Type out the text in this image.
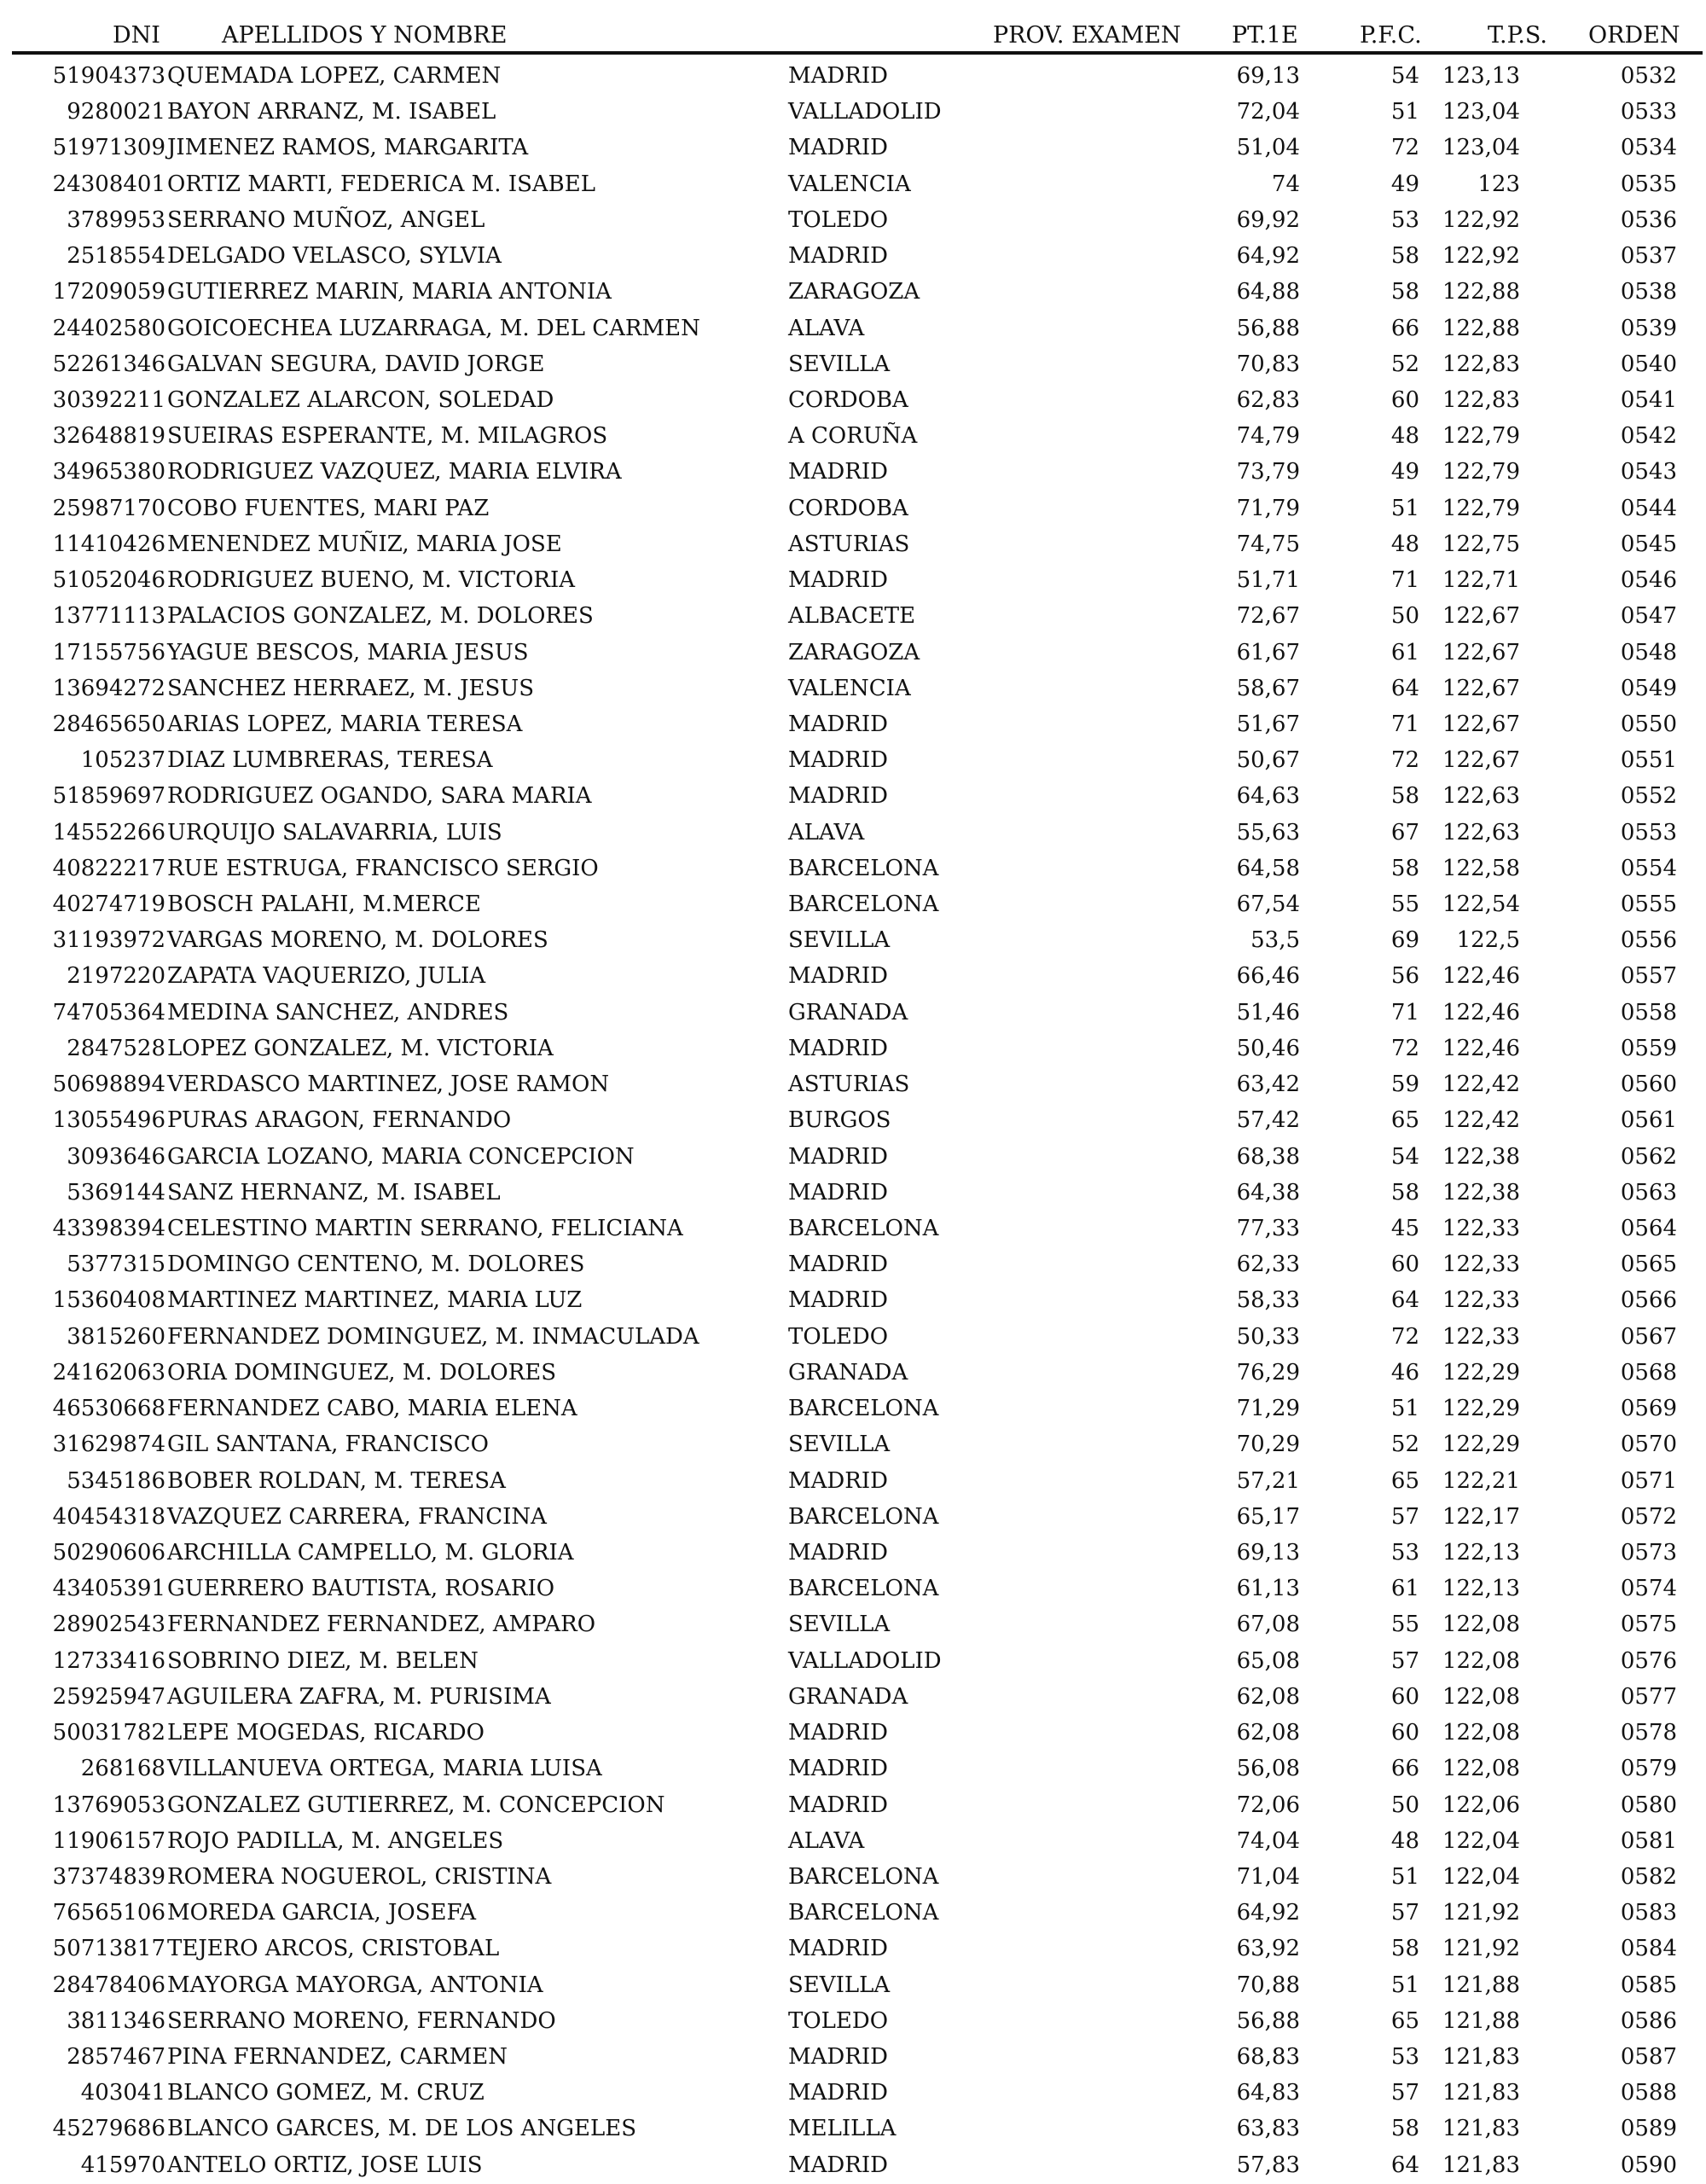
DNI	APELLIDOS Y NOMBRE	PROV. EXAMEN PT.1E	P.F.C.	T.P.S. ORDEN
51904373 QUEMADA LOPEZ, CARMEN	MADRID	69,13	54 123,13	0532
9280021 BAYON ARRANZ, M. ISABEL	VALLADOLID	72,04	51 123,04	0533
51971309 JIMENEZ RAMOS, MARGARITA	MADRID	51,04	72 123,04	0534
24308401 ORTIZ MARTI, FEDERICA M. ISABEL	VALENCIA	74	49	123	0535
3789953 SERRANO MUÑOZ, ANGEL	TOLEDO	69,92	53 122,92	0536
2518554 DELGADO VELASCO, SYLVIA	MADRID	64,92	58 122,92	0537
17209059 GUTIERREZ MARIN, MARIA ANTONIA	ZARAGOZA	64,88	58 122,88	0538
24402580 GOICOECHEA LUZARRAGA, M. DEL CARMEN	ALAVA	56,88	66 122,88	0539
52261346 GALVAN SEGURA, DAVID JORGE	SEVILLA	70,83	52 122,83	0540
30392211 GONZALEZ ALARCON, SOLEDAD	CORDOBA	62,83	60 122,83	0541
32648819 SUEIRAS ESPERANTE, M. MILAGROS	A CORUÑA	74,79	48 122,79	0542
34965380 RODRIGUEZ VAZQUEZ, MARIA ELVIRA	MADRID	73,79	49 122,79	0543
25987170 COBO FUENTES, MARI PAZ	CORDOBA	71,79	51 122,79	0544
11410426 MENENDEZ MUÑIZ, MARIA JOSE	ASTURIAS	74,75	48 122,75	0545
51052046 RODRIGUEZ BUENO, M. VICTORIA	MADRID	51,71	71 122,71	0546
13771113 PALACIOS GONZALEZ, M. DOLORES	ALBACETE	72,67	50 122,67	0547
17155756 YAGUE BESCOS, MARIA JESUS	ZARAGOZA	61,67	61 122,67	0548
13694272 SANCHEZ HERRAEZ, M. JESUS	VALENCIA	58,67	64 122,67	0549
28465650 ARIAS LOPEZ, MARIA TERESA	MADRID	51,67	71 122,67	0550
105237 DIAZ LUMBRERAS, TERESA	MADRID	50,67	72 122,67	0551
51859697 RODRIGUEZ OGANDO, SARA MARIA	MADRID	64,63	58 122,63	0552
14552266 URQUIJO SALAVARRIA, LUIS	ALAVA	55,63	67 122,63	0553
40822217 RUE ESTRUGA, FRANCISCO SERGIO	BARCELONA	64,58	58 122,58	0554
40274719 BOSCH PALAHI, M.MERCE	BARCELONA	67,54	55 122,54	0555
31193972 VARGAS MORENO, M. DOLORES	SEVILLA	53,5	69 122,5	0556
2197220 ZAPATA VAQUERIZO, JULIA	MADRID	66,46	56 122,46	0557
74705364 MEDINA SANCHEZ, ANDRES	GRANADA	51,46	71 122,46	0558
2847528 LOPEZ GONZALEZ, M. VICTORIA	MADRID	50,46	72 122,46	0559
50698894 VERDASCO MARTINEZ, JOSE RAMON	ASTURIAS	63,42	59 122,42	0560
13055496 PURAS ARAGON, FERNANDO	BURGOS	57,42	65 122,42	0561
3093646 GARCIA LOZANO, MARIA CONCEPCION	MADRID	68,38	54 122,38	0562
5369144 SANZ HERNANZ, M. ISABEL	MADRID	64,38	58 122,38	0563
43398394 CELESTINO MARTIN SERRANO, FELICIANA	BARCELONA	77,33	45 122,33	0564
5377315 DOMINGO CENTENO, M. DOLORES	MADRID	62,33	60 122,33	0565
15360408 MARTINEZ MARTINEZ, MARIA LUZ	MADRID	58,33	64 122,33	0566
3815260 FERNANDEZ DOMINGUEZ, M. INMACULADA	TOLEDO	50,33	72 122,33	0567
24162063 ORIA DOMINGUEZ, M. DOLORES	GRANADA	76,29	46 122,29	0568
46530668 FERNANDEZ CABO, MARIA ELENA	BARCELONA	71,29	51 122,29	0569
31629874 GIL SANTANA, FRANCISCO	SEVILLA	70,29	52 122,29	0570
5345186 BOBER ROLDAN, M. TERESA	MADRID	57,21	65 122,21	0571
40454318 VAZQUEZ CARRERA, FRANCINA	BARCELONA	65,17	57 122,17	0572
50290606 ARCHILLA CAMPELLO, M. GLORIA	MADRID	69,13	53 122,13	0573
43405391 GUERRERO BAUTISTA, ROSARIO	BARCELONA	61,13	61 122,13	0574
28902543 FERNANDEZ FERNANDEZ, AMPARO	SEVILLA	67,08	55 122,08	0575
12733416 SOBRINO DIEZ, M. BELEN	VALLADOLID	65,08	57 122,08	0576
25925947 AGUILERA ZAFRA, M. PURISIMA	GRANADA	62,08	60 122,08	0577
50031782 LEPE MOGEDAS, RICARDO	MADRID	62,08	60 122,08	0578
268168 VILLANUEVA ORTEGA, MARIA LUISA	MADRID	56,08	66 122,08	0579
13769053 GONZALEZ GUTIERREZ, M. CONCEPCION	MADRID	72,06	50 122,06	0580
11906157 ROJO PADILLA, M. ANGELES	ALAVA	74,04	48 122,04	0581
37374839 ROMERA NOGUEROL, CRISTINA	BARCELONA	71,04	51 122,04	0582
76565106 MOREDA GARCIA, JOSEFA	BARCELONA	64,92	57 121,92	0583
50713817 TEJERO ARCOS, CRISTOBAL	MADRID	63,92	58 121,92	0584
28478406 MAYORGA MAYORGA, ANTONIA	SEVILLA	70,88	51 121,88	0585
3811346 SERRANO MORENO, FERNANDO	TOLEDO	56,88	65 121,88	0586
2857467 PINA FERNANDEZ, CARMEN	MADRID	68,83	53 121,83	0587
403041 BLANCO GOMEZ, M. CRUZ	MADRID	64,83	57 121,83	0588
45279686 BLANCO GARCES, M. DE LOS ANGELES	MELILLA	63,83	58 121,83	0589
415970 ANTELO ORTIZ, JOSE LUIS	MADRID	57,83	64 121,83	0590
